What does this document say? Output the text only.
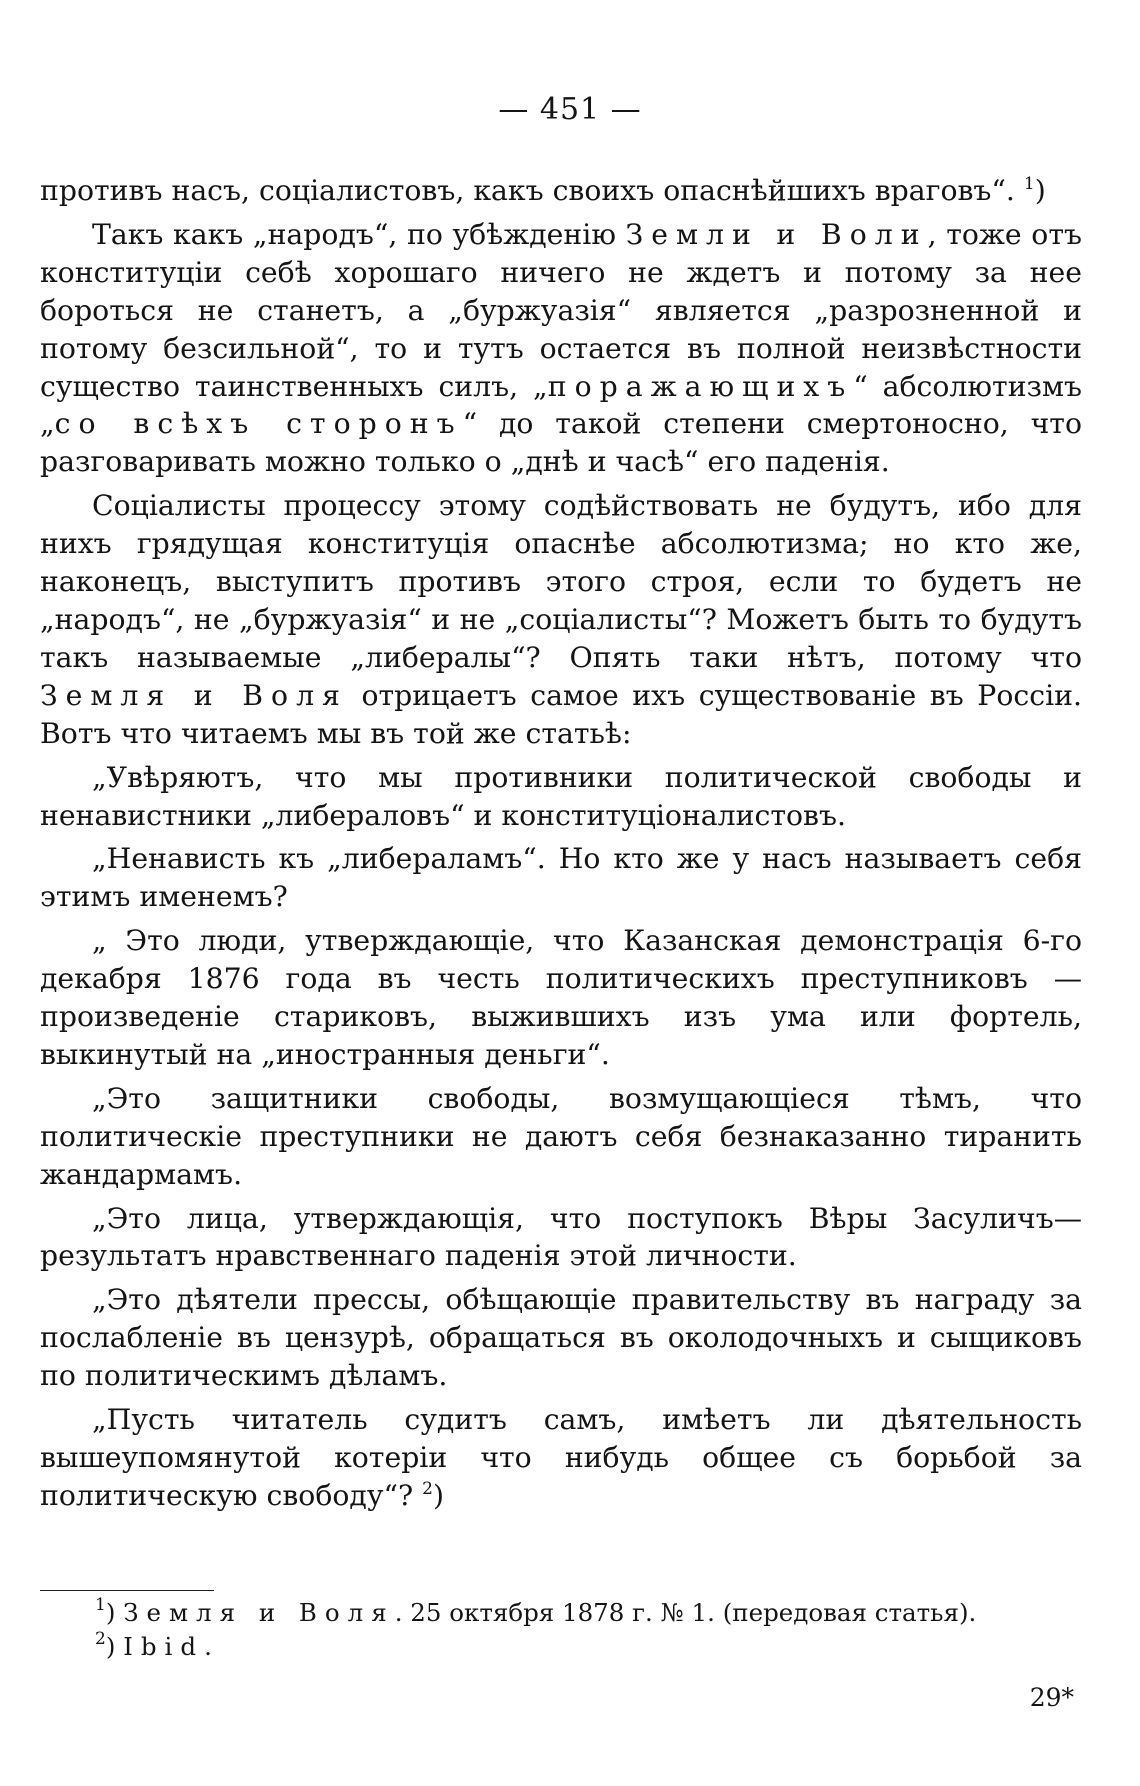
— 451 —

противъ насъ, соціалистовъ, какъ своихъ опаснѣйшихъ враговъ“. $^1$)

Такъ какъ „народъ“, по убѣжденію Земли и Воли, тоже отъ конституціи себѣ хорошаго ничего не ждетъ и потому за нее бороться не станетъ, а „буржуазія“ является „разрозненной и потому безсильной“, то и тутъ остается въ полной неизвѣстности существо таинственныхъ силъ, „поражающихъ“ абсолютизмъ „со всѣхъ сторонъ“ до такой степени смертоносно, что разговаривать можно только о „днѣ и часѣ“ его паденія.

Соціалисты процессу этому содѣйствовать не будутъ, ибо для нихъ грядущая конституція опаснѣе абсолютизма; но кто же, наконецъ, выступитъ противъ этого строя, если то будетъ не „народъ“, не „буржуазія“ и не „соціалисты“? Можетъ быть то будутъ такъ называемые „либералы“? Опять таки нѣтъ, потому что Земля и Воля отрицаетъ самое ихъ существованіе въ Россіи. Вотъ что читаемъ мы въ той же статьѣ:

„Увѣряютъ, что мы противники политической свободы и ненавистники „либераловъ“ и конституціоналистовъ.

„Ненависть къ „либераламъ“. Но кто же у насъ называетъ себя этимъ именемъ?

„ Это люди, утверждающіе, что Казанская демонстрація 6-го декабря 1876 года въ честь политическихъ преступниковъ — произведеніе стариковъ, выжившихъ изъ ума или фортель, выкинутый на „иностранныя деньги“.

„Это защитники свободы, возмущающіеся тѣмъ, что политическіе преступники не даютъ себя безнаказанно тиранить жандармамъ.

„Это лица, утверждающія, что поступокъ Вѣры Засуличъ— результатъ нравственнаго паденія этой личности.

„Это дѣятели прессы, обѣщающіе правительству въ награду за послабленіе въ цензурѣ, обращаться въ околодочныхъ и сыщиковъ по политическимъ дѣламъ.

„Пусть читатель судитъ самъ, имѣетъ ли дѣятельность вышеупомянутой котеріи что нибудь общее съ борьбой за политическую свободу“? $^2$)

$^1$) Земля и Воля. 25 октября 1878 г. № 1. (передовая статья).

$^2$) Ibid.

29*
